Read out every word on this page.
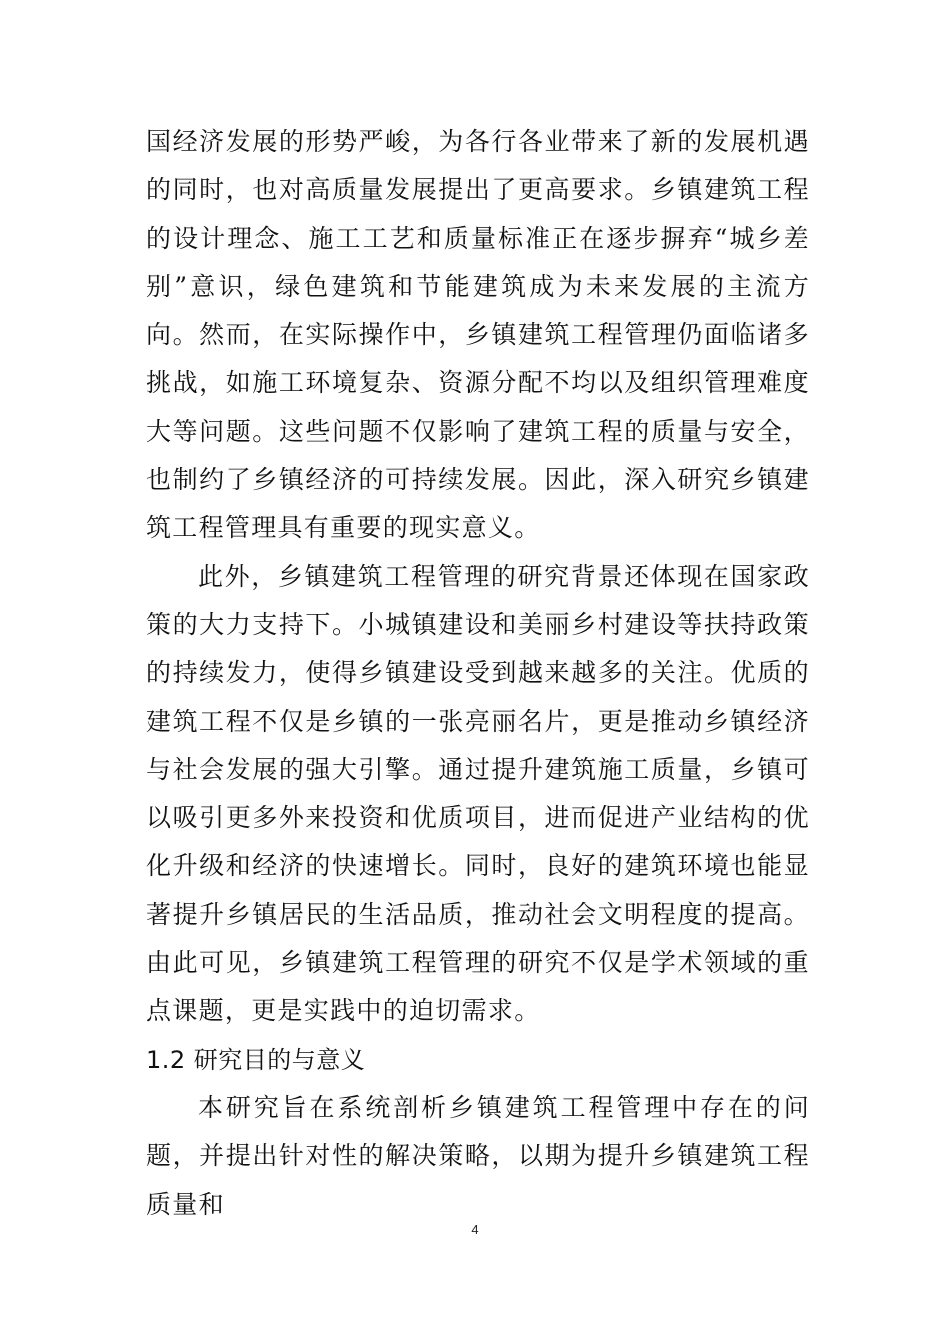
国经济发展的形势严峻，为各行各业带来了新的发展机遇的同时，也对高质量发展提出了更高要求。乡镇建筑工程的设计理念、施工工艺和质量标准正在逐步摒弃“城乡差别”意识，绿色建筑和节能建筑成为未来发展的主流方向。然而，在实际操作中，乡镇建筑工程管理仍面临诸多挑战，如施工环境复杂、资源分配不均以及组织管理难度大等问题。这些问题不仅影响了建筑工程的质量与安全，也制约了乡镇经济的可持续发展。因此，深入研究乡镇建筑工程管理具有重要的现实意义。

此外，乡镇建筑工程管理的研究背景还体现在国家政策的大力支持下。小城镇建设和美丽乡村建设等扶持政策的持续发力，使得乡镇建设受到越来越多的关注。优质的建筑工程不仅是乡镇的一张亮丽名片，更是推动乡镇经济与社会发展的强大引擎。通过提升建筑施工质量，乡镇可以吸引更多外来投资和优质项目，进而促进产业结构的优化升级和经济的快速增长。同时，良好的建筑环境也能显著提升乡镇居民的生活品质，推动社会文明程度的提高。由此可见，乡镇建筑工程管理的研究不仅是学术领域的重点课题，更是实践中的迫切需求。

1.2 研究目的与意义

本研究旨在系统剖析乡镇建筑工程管理中存在的问题，并提出针对性的解决策略，以期为提升乡镇建筑工程质量和

4
